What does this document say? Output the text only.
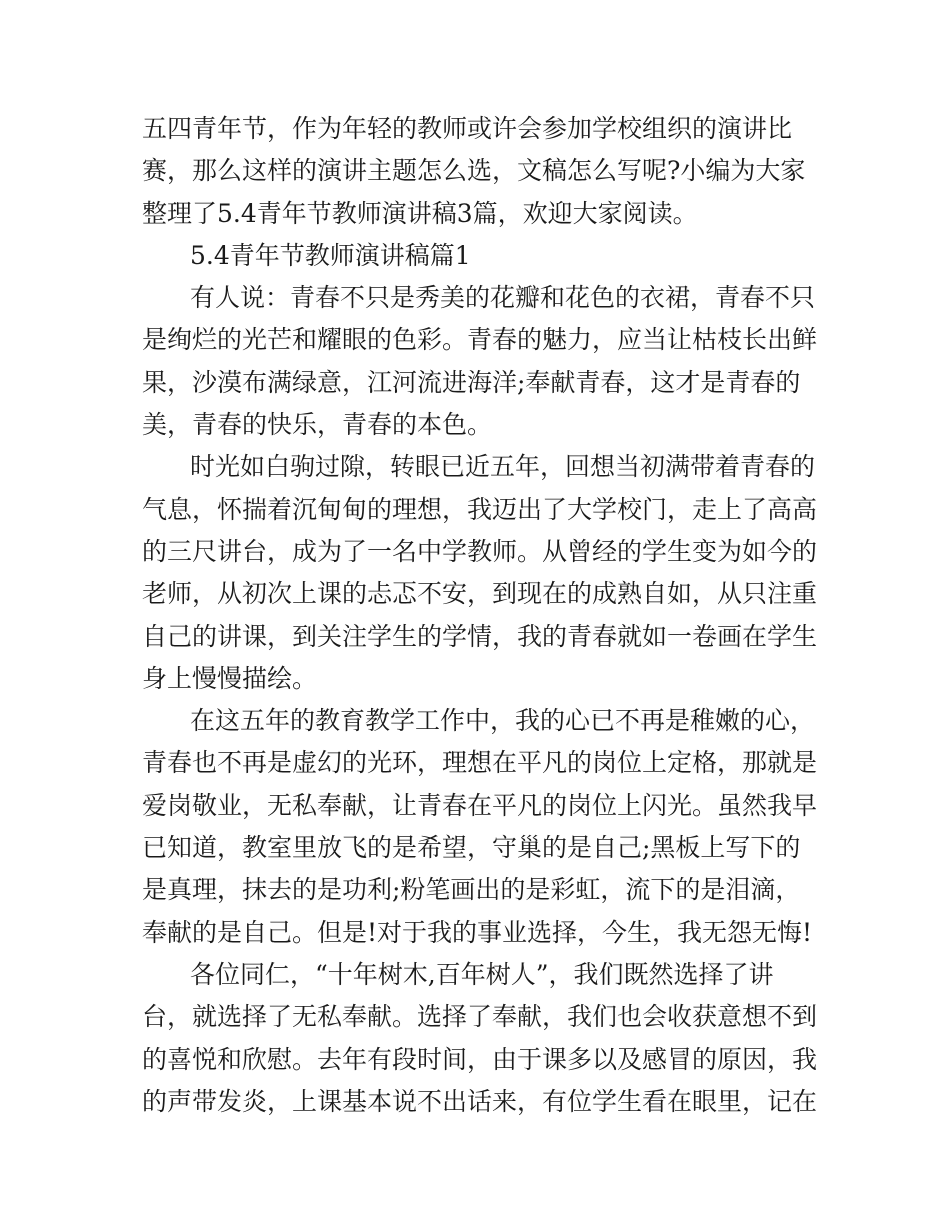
五四青年节，作为年轻的教师或许会参加学校组织的演讲比
赛，那么这样的演讲主题怎么选，文稿怎么写呢?小编为大家
整理了5.4青年节教师演讲稿3篇，欢迎大家阅读。
5.4青年节教师演讲稿篇1
有人说：青春不只是秀美的花瓣和花色的衣裙，青春不只
是绚烂的光芒和耀眼的色彩。青春的魅力，应当让枯枝长出鲜
果，沙漠布满绿意，江河流进海洋;奉献青春，这才是青春的
美，青春的快乐，青春的本色。
时光如白驹过隙，转眼已近五年，回想当初满带着青春的
气息，怀揣着沉甸甸的理想，我迈出了大学校门，走上了高高
的三尺讲台，成为了一名中学教师。从曾经的学生变为如今的
老师，从初次上课的忐忑不安，到现在的成熟自如，从只注重
自己的讲课，到关注学生的学情，我的青春就如一卷画在学生
身上慢慢描绘。
在这五年的教育教学工作中，我的心已不再是稚嫩的心，
青春也不再是虚幻的光环，理想在平凡的岗位上定格，那就是
爱岗敬业，无私奉献，让青春在平凡的岗位上闪光。虽然我早
已知道，教室里放飞的是希望，守巢的是自己;黑板上写下的
是真理，抹去的是功利;粉笔画出的是彩虹，流下的是泪滴，
奉献的是自己。但是!对于我的事业选择，今生，我无怨无悔!
各位同仁，“十年树木,百年树人”，我们既然选择了讲
台，就选择了无私奉献。选择了奉献，我们也会收获意想不到
的喜悦和欣慰。去年有段时间，由于课多以及感冒的原因，我
的声带发炎，上课基本说不出话来，有位学生看在眼里，记在
